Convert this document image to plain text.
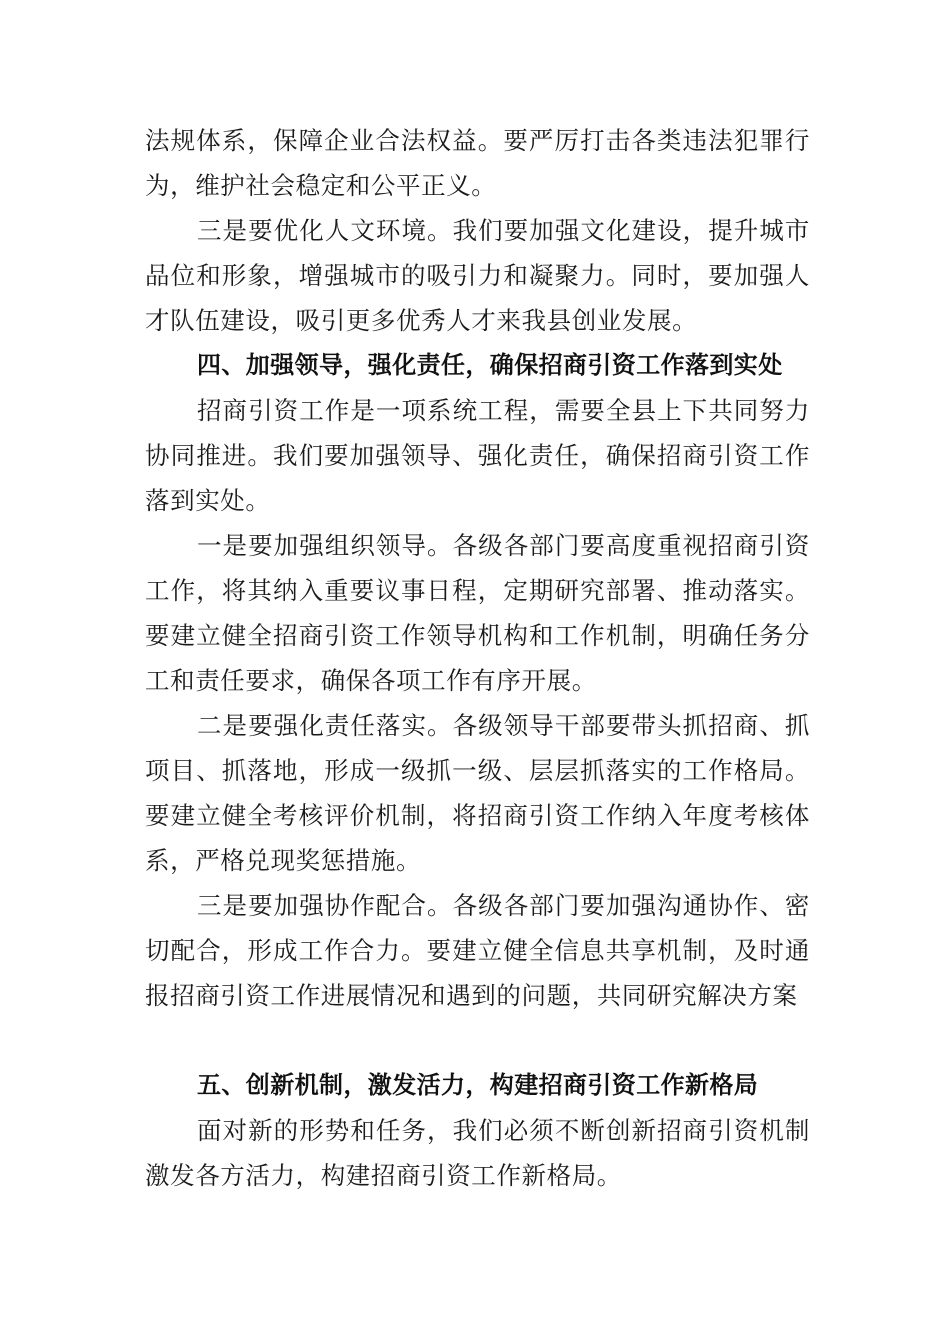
法规体系，保障企业合法权益。要严厉打击各类违法犯罪行为，维护社会稳定和公平正义。

三是要优化人文环境。我们要加强文化建设，提升城市品位和形象，增强城市的吸引力和凝聚力。同时，要加强人才队伍建设，吸引更多优秀人才来我县创业发展。

四、加强领导，强化责任，确保招商引资工作落到实处

招商引资工作是一项系统工程，需要全县上下共同努力协同推进。我们要加强领导、强化责任，确保招商引资工作落到实处。

一是要加强组织领导。各级各部门要高度重视招商引资工作，将其纳入重要议事日程，定期研究部署、推动落实。要建立健全招商引资工作领导机构和工作机制，明确任务分工和责任要求，确保各项工作有序开展。

二是要强化责任落实。各级领导干部要带头抓招商、抓项目、抓落地，形成一级抓一级、层层抓落实的工作格局。要建立健全考核评价机制，将招商引资工作纳入年度考核体系，严格兑现奖惩措施。

三是要加强协作配合。各级各部门要加强沟通协作、密切配合，形成工作合力。要建立健全信息共享机制，及时通报招商引资工作进展情况和遇到的问题，共同研究解决方案

五、创新机制，激发活力，构建招商引资工作新格局

面对新的形势和任务，我们必须不断创新招商引资机制激发各方活力，构建招商引资工作新格局。
